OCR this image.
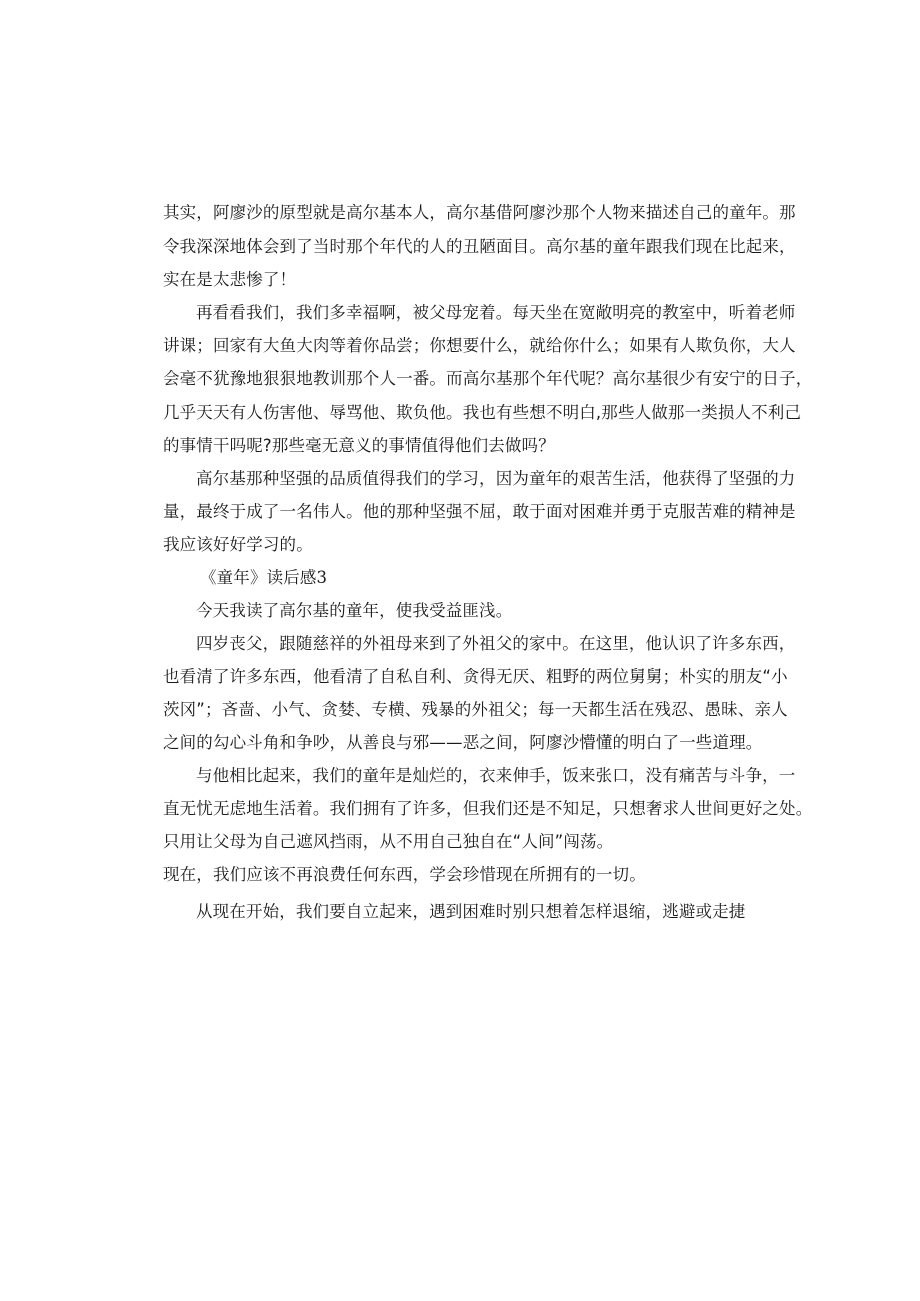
其实，阿廖沙的原型就是高尔基本人，高尔基借阿廖沙那个人物来描述自己的童年。那
令我深深地体会到了当时那个年代的人的丑陋面目。高尔基的童年跟我们现在比起来，
实在是太悲惨了！
再看看我们，我们多幸福啊，被父母宠着。每天坐在宽敞明亮的教室中，听着老师
讲课；回家有大鱼大肉等着你品尝；你想要什么，就给你什么；如果有人欺负你，大人
会毫不犹豫地狠狠地教训那个人一番。而高尔基那个年代呢？高尔基很少有安宁的日子，
几乎天天有人伤害他、辱骂他、欺负他。我也有些想不明白,那些人做那一类损人不利己
的事情干吗呢?那些毫无意义的事情值得他们去做吗？
高尔基那种坚强的品质值得我们的学习，因为童年的艰苦生活，他获得了坚强的力
量，最终于成了一名伟人。他的那种坚强不屈，敢于面对困难并勇于克服苦难的精神是
我应该好好学习的。
《童年》读后感3
今天我读了高尔基的童年，使我受益匪浅。
四岁丧父，跟随慈祥的外祖母来到了外祖父的家中。在这里，他认识了许多东西，
也看清了许多东西，他看清了自私自利、贪得无厌、粗野的两位舅舅；朴实的朋友“小
茨冈”；吝啬、小气、贪婪、专横、残暴的外祖父；每一天都生活在残忍、愚昧、亲人
之间的勾心斗角和争吵，从善良与邪——恶之间，阿廖沙懵懂的明白了一些道理。
与他相比起来，我们的童年是灿烂的，衣来伸手，饭来张口，没有痛苦与斗争，一
直无忧无虑地生活着。我们拥有了许多，但我们还是不知足，只想奢求人世间更好之处。
只用让父母为自己遮风挡雨，从不用自己独自在“人间”闯荡。
现在，我们应该不再浪费任何东西，学会珍惜现在所拥有的一切。
从现在开始，我们要自立起来，遇到困难时别只想着怎样退缩，逃避或走捷
